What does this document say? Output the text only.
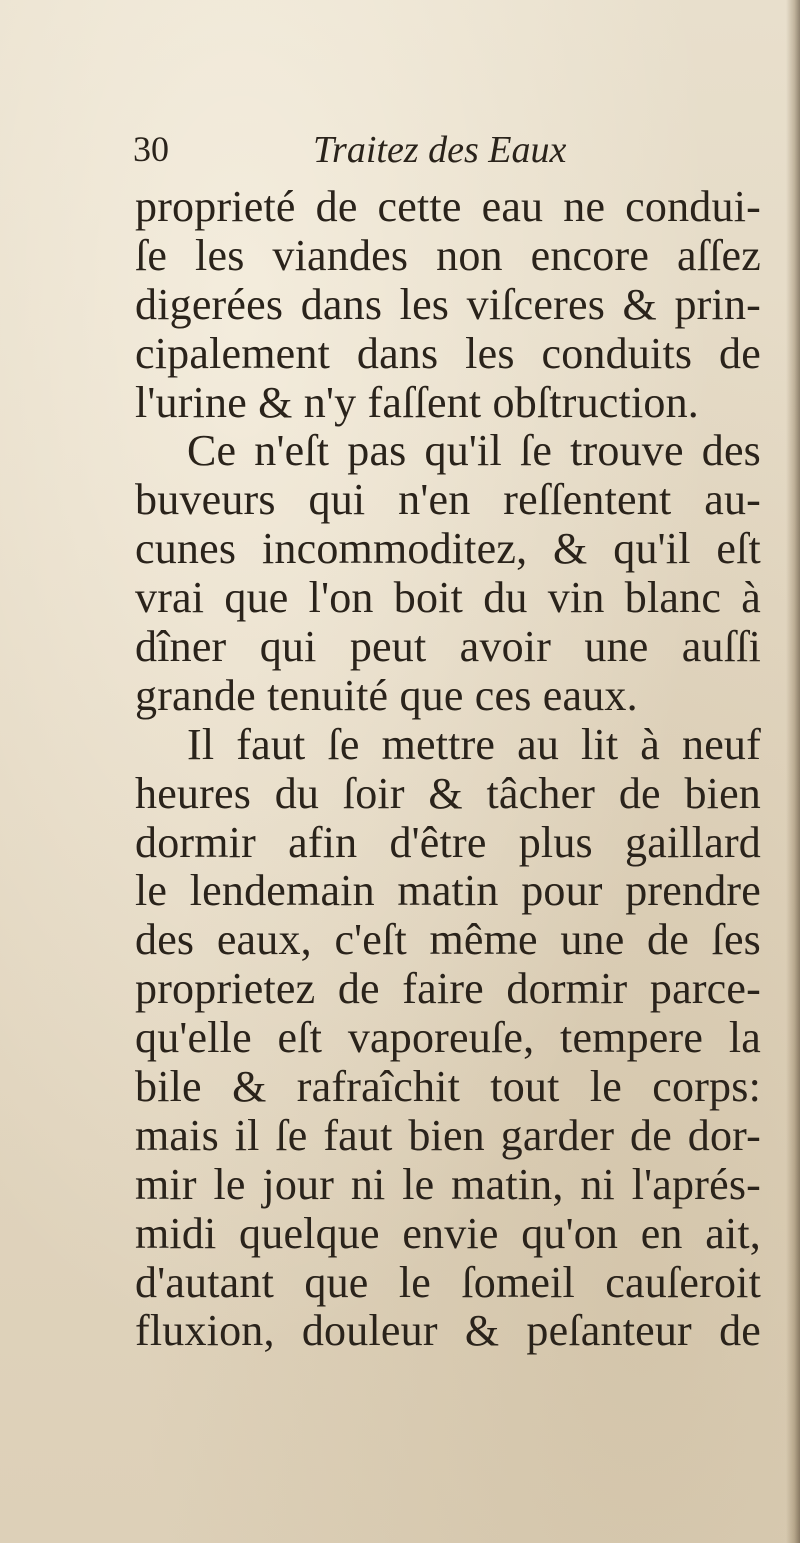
30	Traitez des Eaux
proprieté de cette eau ne condui-
ſe les viandes non encore aſſez
digerées dans les viſceres & prin-
cipalement dans les conduits de
l'urine & n'y faſſent obſtruction.
Ce n'eſt pas qu'il ſe trouve des
buveurs qui n'en reſſentent au-
cunes incommoditez, & qu'il eſt
vrai que l'on boit du vin blanc à
dîner qui peut avoir une auſſi
grande tenuité que ces eaux.
Il faut ſe mettre au lit à neuf
heures du ſoir & tâcher de bien
dormir afin d'être plus gaillard
le lendemain matin pour prendre
des eaux, c'eſt même une de ſes
proprietez de faire dormir parce-
qu'elle eſt vaporeuſe, tempere la
bile & rafraîchit tout le corps:
mais il ſe faut bien garder de dor-
mir le jour ni le matin, ni l'aprés-
midi quelque envie qu'on en ait,
d'autant que le ſomeil cauſeroit
fluxion, douleur & peſanteur de
